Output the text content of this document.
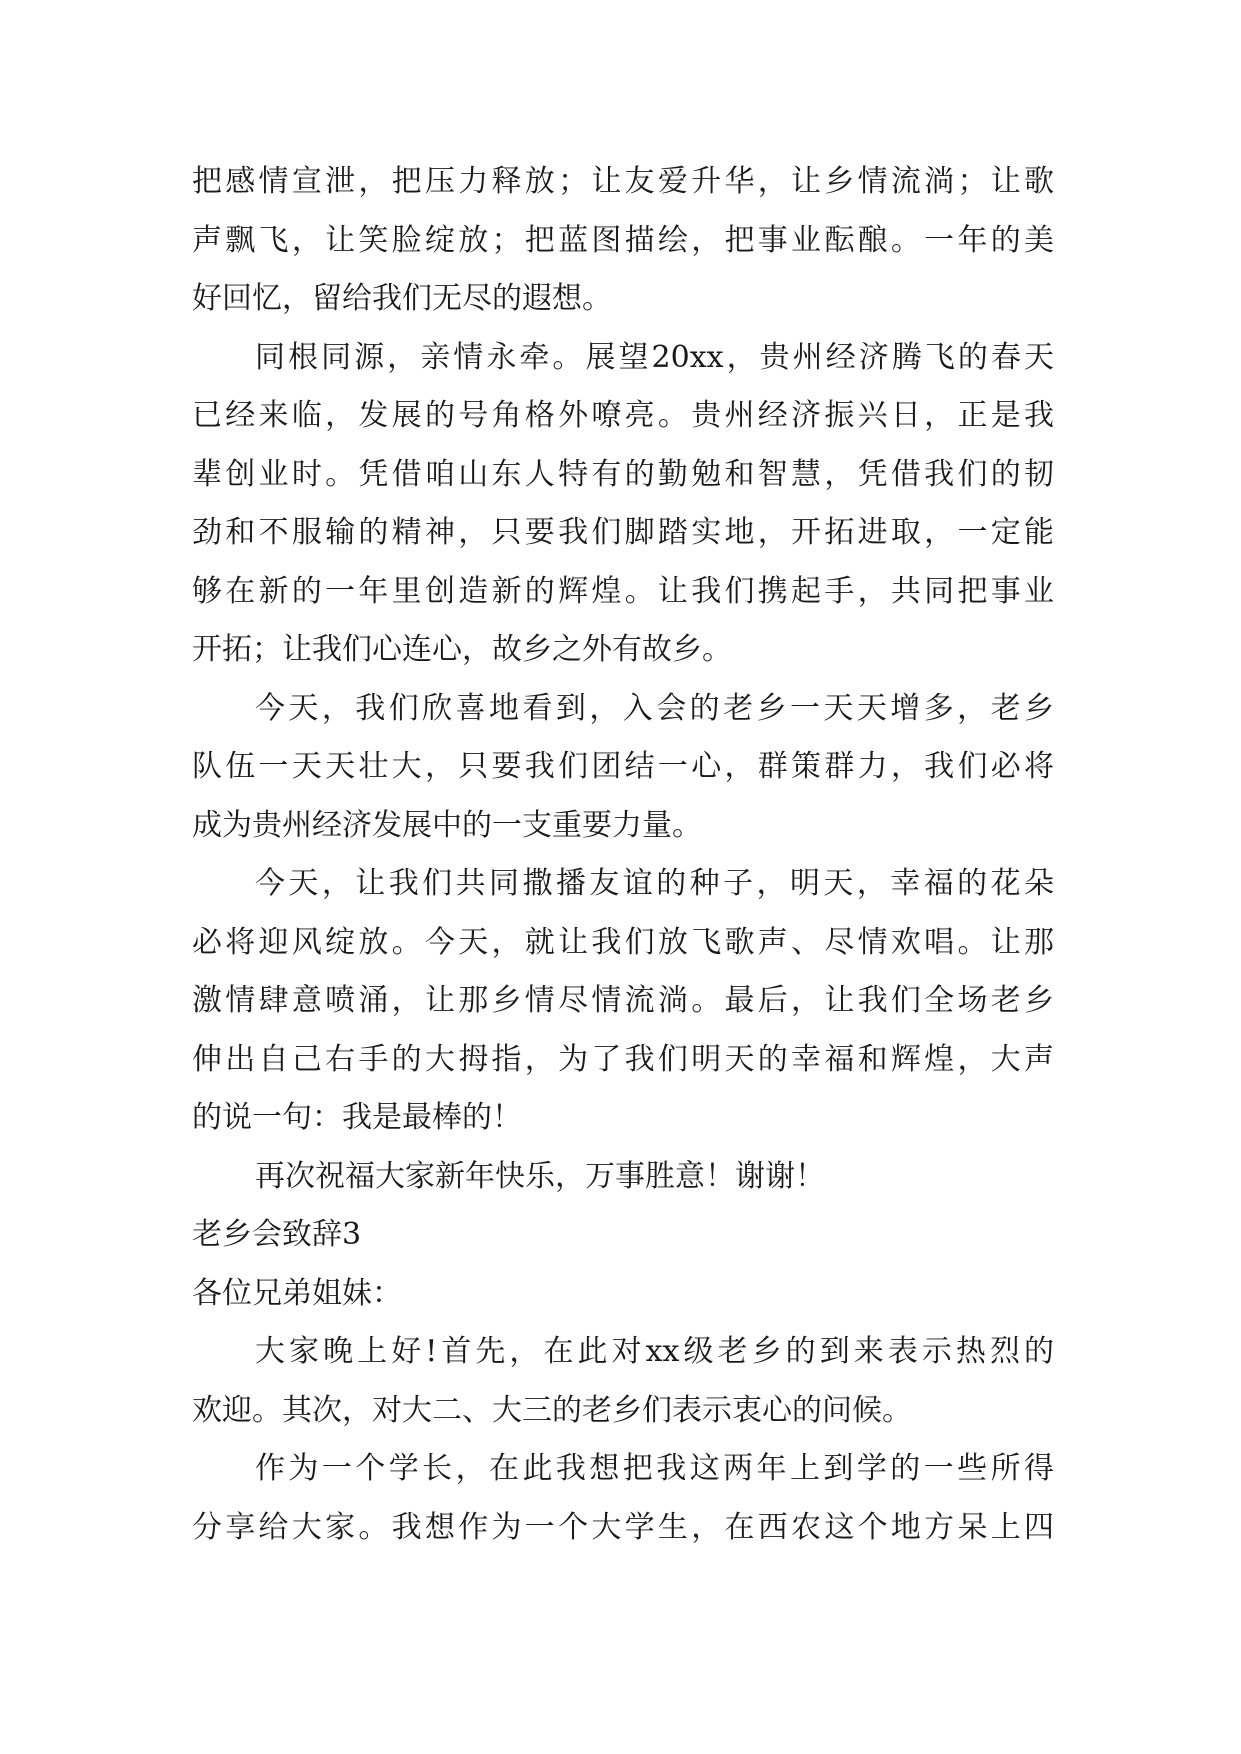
把感情宣泄，把压力释放；让友爱升华，让乡情流淌；让歌
声飘飞，让笑脸绽放；把蓝图描绘，把事业酝酿。一年的美
好回忆，留给我们无尽的遐想。
同根同源，亲情永牵。展望20xx，贵州经济腾飞的春天
已经来临，发展的号角格外嘹亮。贵州经济振兴日，正是我
辈创业时。凭借咱山东人特有的勤勉和智慧，凭借我们的韧
劲和不服输的精神，只要我们脚踏实地，开拓进取，一定能
够在新的一年里创造新的辉煌。让我们携起手，共同把事业
开拓；让我们心连心，故乡之外有故乡。
今天，我们欣喜地看到，入会的老乡一天天增多，老乡
队伍一天天壮大，只要我们团结一心，群策群力，我们必将
成为贵州经济发展中的一支重要力量。
今天，让我们共同撒播友谊的种子，明天，幸福的花朵
必将迎风绽放。今天，就让我们放飞歌声、尽情欢唱。让那
激情肆意喷涌，让那乡情尽情流淌。最后，让我们全场老乡
伸出自己右手的大拇指，为了我们明天的幸福和辉煌，大声
的说一句：我是最棒的！
再次祝福大家新年快乐，万事胜意！谢谢！
老乡会致辞3
各位兄弟姐妹：
大家晚上好!首先，在此对xx级老乡的到来表示热烈的
欢迎。其次，对大二、大三的老乡们表示衷心的问候。
作为一个学长，在此我想把我这两年上到学的一些所得
分享给大家。我想作为一个大学生，在西农这个地方呆上四
